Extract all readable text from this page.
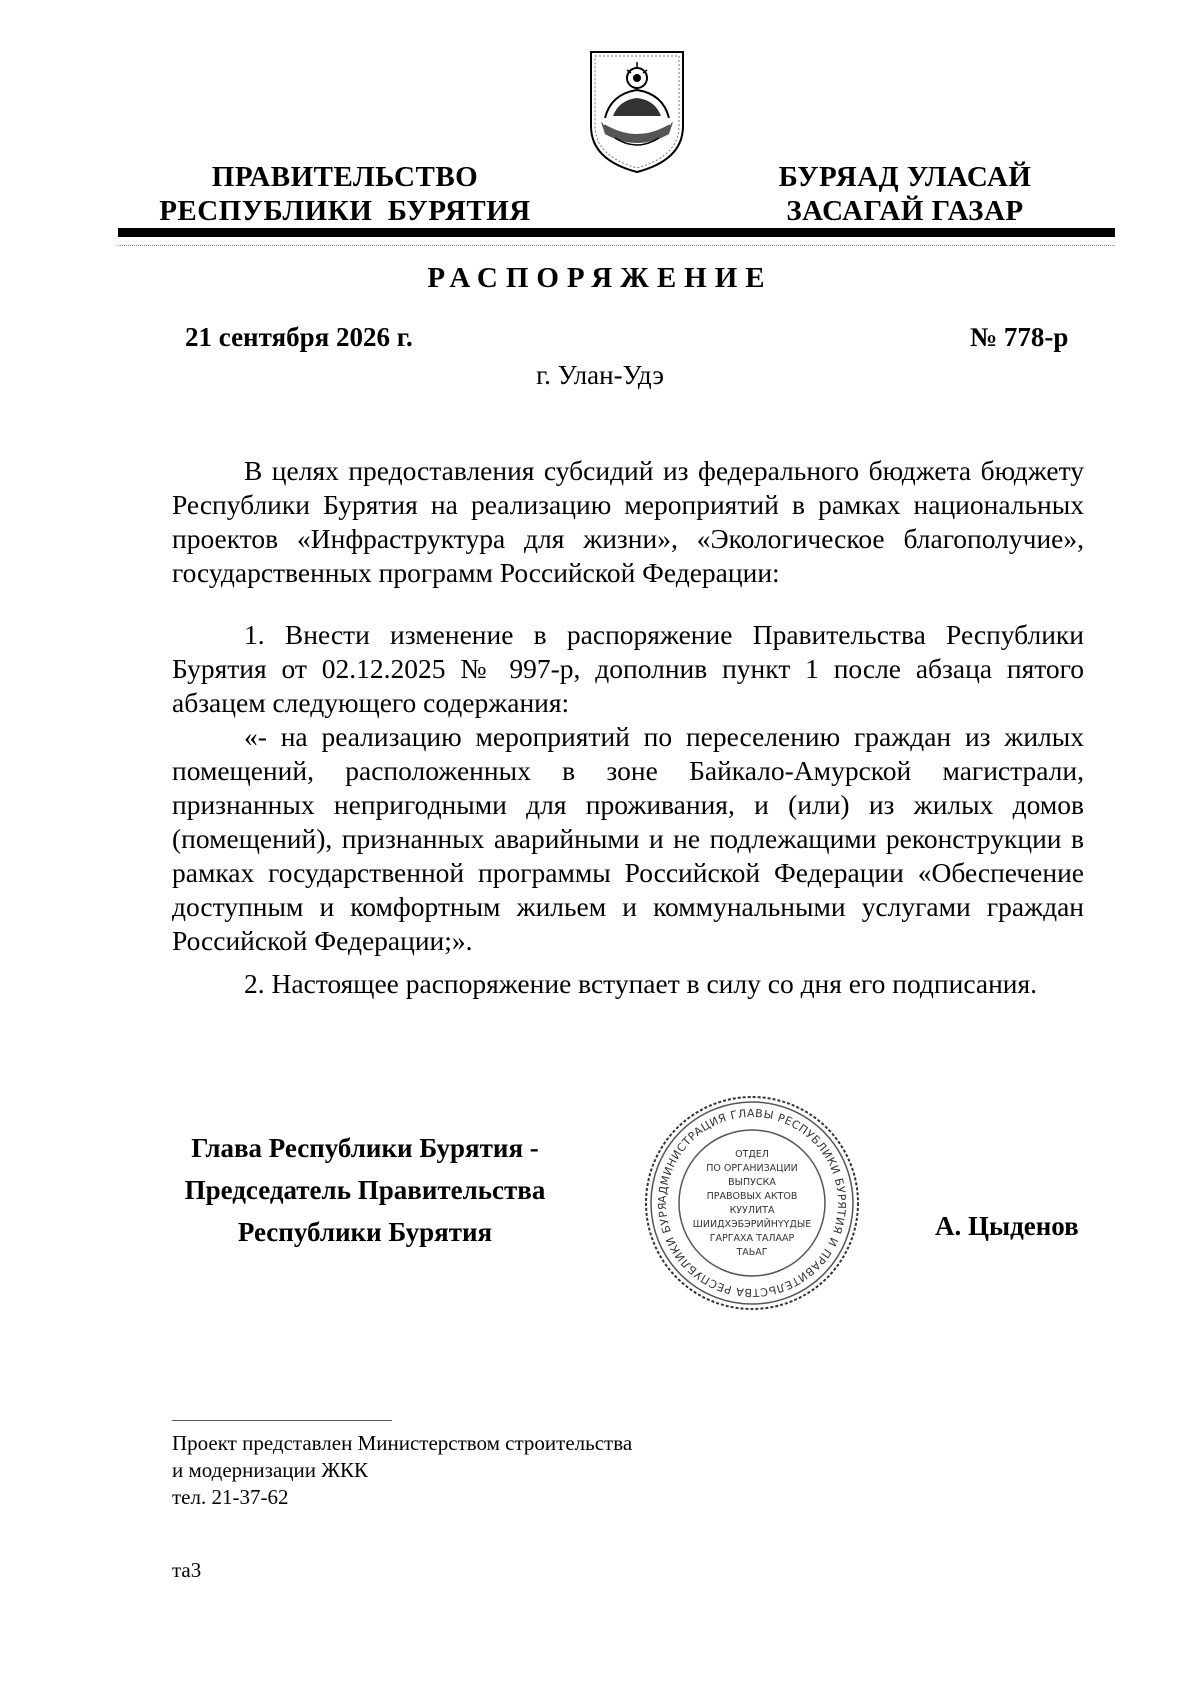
ПРАВИТЕЛЬСТВО
РЕСПУБЛИКИ  БУРЯТИЯ
БУРЯАД УЛАСАЙ
ЗАСАГАЙ ГАЗАР
РАСПОРЯЖЕНИЕ
21 сентября 2026 г.	№ 778-р
г. Улан-Удэ

В целях предоставления субсидий из федерального бюджета бюджету Республики Бурятия на реализацию мероприятий в рамках национальных проектов «Инфраструктура для жизни», «Экологическое благополучие», государственных программ Российской Федерации:

1. Внести изменение в распоряжение Правительства Республики Бурятия от 02.12.2025 № 997-р, дополнив пункт 1 после абзаца пятого абзацем следующего содержания:

«- на реализацию мероприятий по переселению граждан из жилых помещений, расположенных в зоне Байкало-Амурской магистрали, признанных непригодными для проживания, и (или) из жилых домов (помещений), признанных аварийными и не подлежащими реконструкции в рамках государственной программы Российской Федерации «Обеспечение доступным и комфортным жильем и коммунальными услугами граждан Российской Федерации;».

2. Настоящее распоряжение вступает в силу со дня его подписания.

Глава Республики Бурятия -
Председатель Правительства
Республики Бурятия	А. Цыденов
АДМИНИСТРАЦИЯ ГЛАВЫ РЕСПУБЛИКИ БУРЯТИЯ И ПРАВИТЕЛЬСТВА РЕСПУБЛИКИ БУРЯ
ОТДЕЛ
ПО ОРГАНИЗАЦИИ
ВЫПУСКА
ПРАВОВЫХ АКТОВ
КУУЛИТА
ШИИДХЭБЭРИЙНҮҮДЫЕ
ГАРГАХА ТАЛААР
ТАЬАГ
Проект представлен Министерством строительства
и модернизации ЖКК
тел. 21-37-62
та3
